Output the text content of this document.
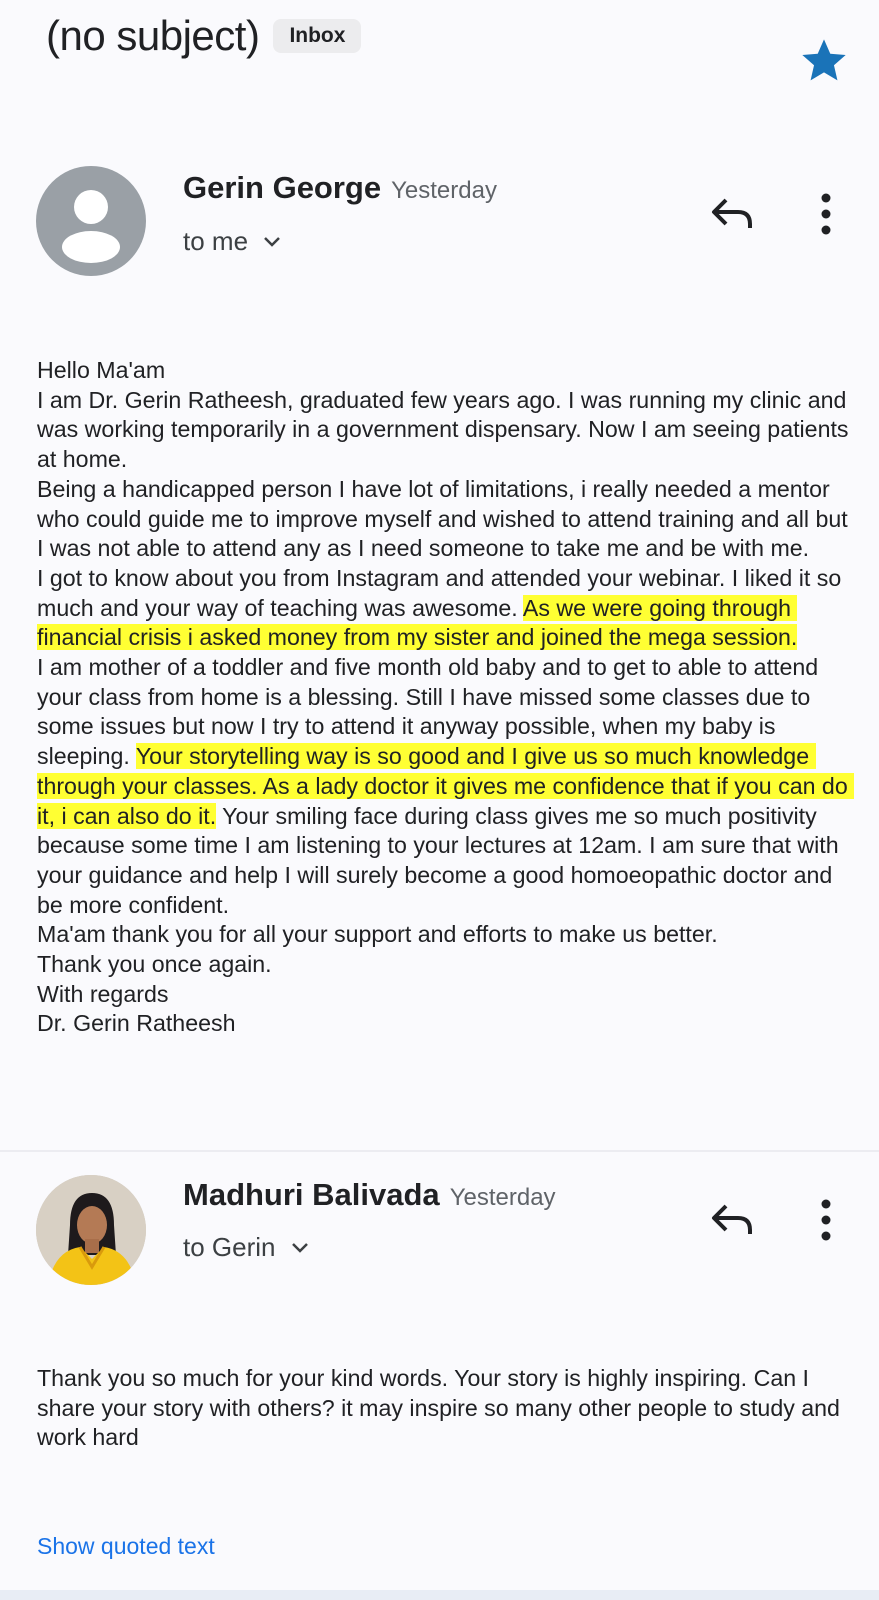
(no subject)	Inbox
Gerin George Yesterday
to me
Hello Ma'am
I am Dr. Gerin Ratheesh, graduated few years ago. I was running my clinic and was working temporarily in a government dispensary. Now I am seeing patients at home.
Being a handicapped person I have lot of limitations, i really needed a mentor who could guide me to improve myself and wished to attend training and all but I was not able to attend any as I need someone to take me and be with me.
I got to know about you from Instagram and attended your webinar. I liked it so much and your way of teaching was awesome. As we were going through financial crisis i asked money from my sister and joined the mega session.
I am mother of a toddler and five month old baby and to get to able to attend your class from home is a blessing. Still I have missed some classes due to some issues but now I try to attend it anyway possible, when my baby is sleeping. Your storytelling way is so good and I give us so much knowledge through your classes. As a lady doctor it gives me confidence that if you can do it, i can also do it. Your smiling face during class gives me so much positivity because some time I am listening to your lectures at 12am. I am sure that with your guidance and help I will surely become a good homoeopathic doctor and be more confident.
Ma'am thank you for all your support and efforts to make us better.
Thank you once again.
With regards
Dr. Gerin Ratheesh
Madhuri Balivada Yesterday
to Gerin
Thank you so much for your kind words. Your story is highly inspiring. Can I share your story with others? it may inspire so many other people to study and work hard
Show quoted text
